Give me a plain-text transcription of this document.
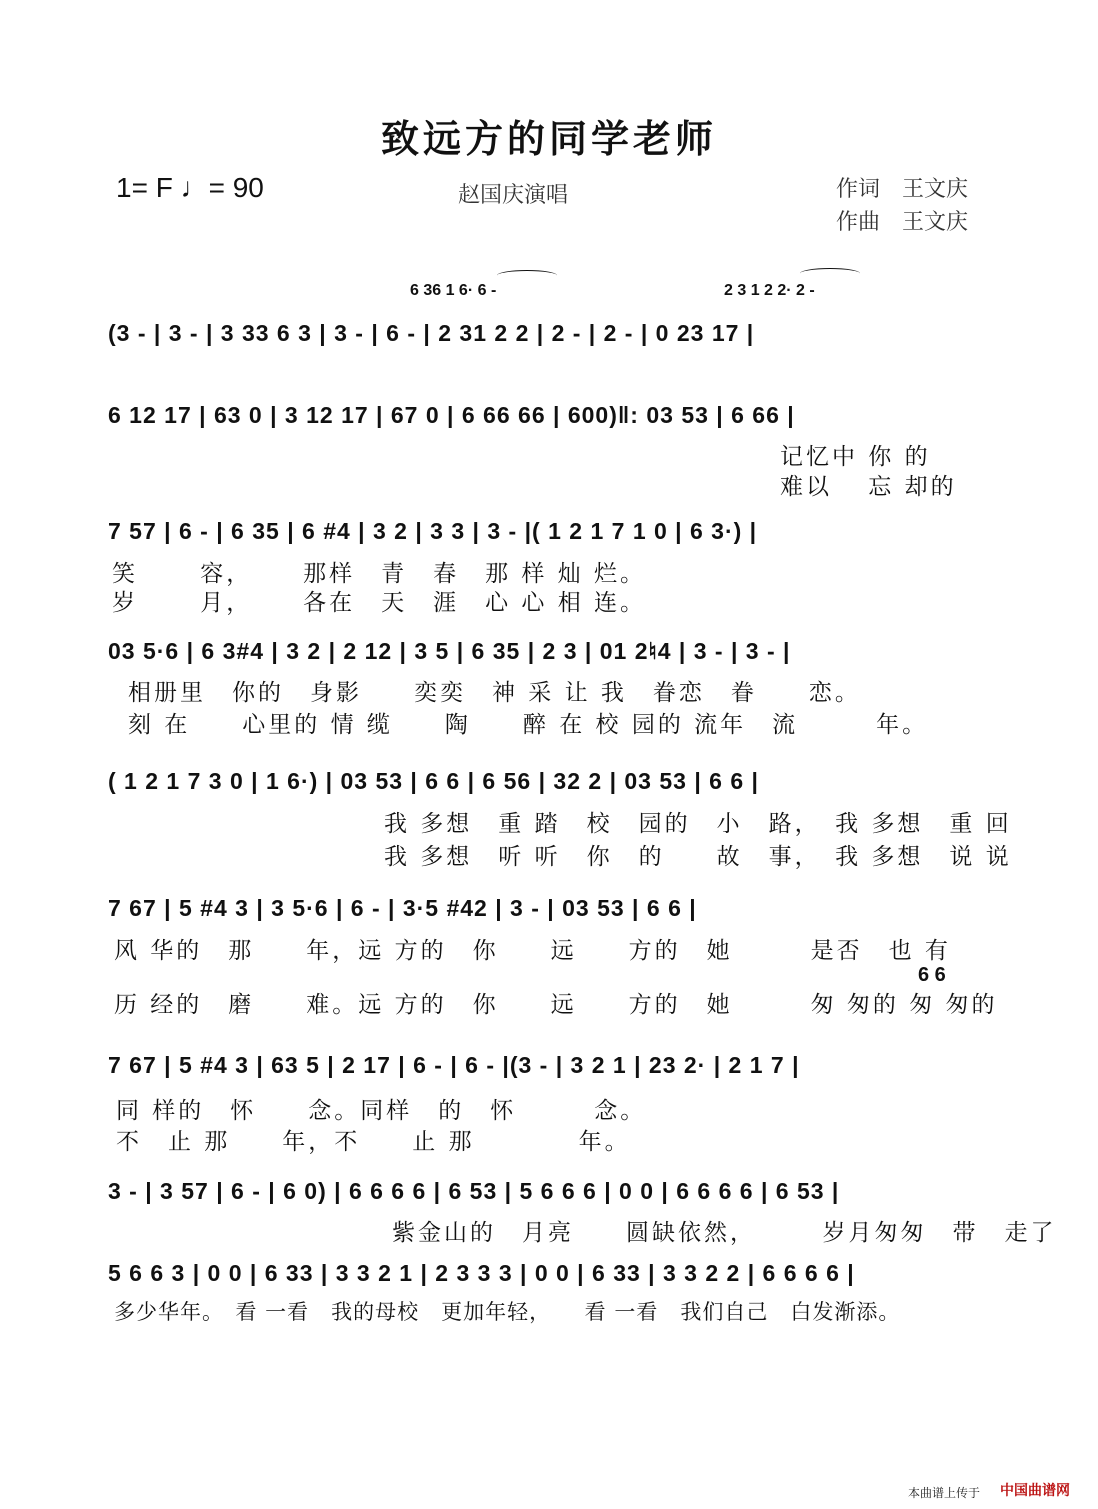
致远方的同学老师
1= F ♩= 90	赵国庆演唱	作词　王文庆
作曲　王文庆
6 36 1 6· 6 -	2 3 1 2 2· 2 -
(3 - | 3 - | 3 33 6 3 | 3 - | 6 - | 2 31 2 2 | 2 - | 2 - | 0 23 17 |
6 12 17 | 63 0 | 3 12 17 | 67 0 | 6 66 66 | 600)‖: 03 53 | 6 66 |
记忆中 你 的
难以　 忘 却的
7 57 | 6 - | 6 35 | 6 #4 | 3 2 | 3 3 | 3 - |( 1 2 1 7 1 0 | 6 3·) |
笑　　 容，　　 那样　青　春　那 样 灿 烂。
岁　　 月，　　 各在　天　涯　心 心 相 连。
03 5·6 | 6 3#4 | 3 2 | 2 12 | 3 5 | 6 35 | 2 3 | 01 2♮4 | 3 - | 3 - |
相册里　你的　身影　　奕奕　神 采 让 我　眷恋　眷　　恋。
刻 在　　心里的 情 缆　　陶　　醉 在 校 园的 流年　流　　　年。
( 1 2 1 7 3 0 | 1 6·) | 03 53 | 6 6 | 6 56 | 32 2 | 03 53 | 6 6 |
我 多想　重 踏　校　园的　小　路，　我 多想　重 回
我 多想　听 听　你　的　　故　事，　我 多想　说 说
7 67 | 5 #4 3 | 3 5·6 | 6 - | 3·5 #42 | 3 - | 03 53 | 6 6 |
风 华的　那　　年，远 方的　你　　远　　方的　她　　　是否　也 有
6 6
历 经的　磨　　难。远 方的　你　　远　　方的　她　　　匆 匆的 匆 匆的
7 67 | 5 #4 3 | 63 5 | 2 17 | 6 - | 6 - |(3 - | 3 2 1 | 23 2· | 2 1 7 |
同 样的　怀　　念。同样　的　怀　　　念。
不　止 那　　年，不　　止 那　　　　年。
3 - | 3 57 | 6 - | 6 0) | 6 6 6 6 | 6 53 | 5 6 6 6 | 0 0 | 6 6 6 6 | 6 53 |
紫金山的　月亮　　圆缺依然，　　　岁月匆匆　带　走了
5 6 6 3 | 0 0 | 6 33 | 3 3 2 1 | 2 3 3 3 | 0 0 | 6 33 | 3 3 2 2 | 6 6 6 6 |
多少华年。　看 一看　我的母校　更加年轻，　　看 一看　我们自己　白发渐添。
本曲谱上传于 中国曲谱网
